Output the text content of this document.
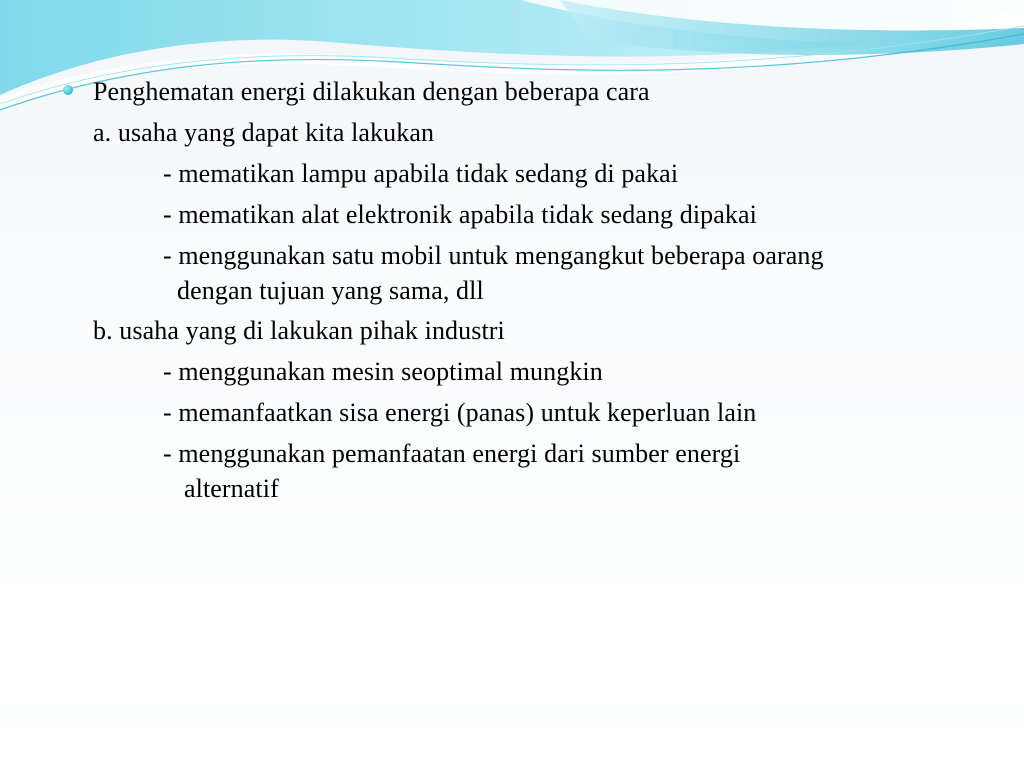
Penghematan energi dilakukan dengan beberapa cara
a. usaha yang dapat kita lakukan
- mematikan lampu apabila tidak sedang di pakai
- mematikan alat elektronik apabila tidak sedang dipakai
- menggunakan satu mobil untuk mengangkut beberapa oarang
dengan tujuan yang sama, dll
b. usaha yang di lakukan pihak industri
- menggunakan mesin seoptimal mungkin
- memanfaatkan sisa energi (panas) untuk keperluan lain
- menggunakan pemanfaatan energi dari sumber energi
alternatif
